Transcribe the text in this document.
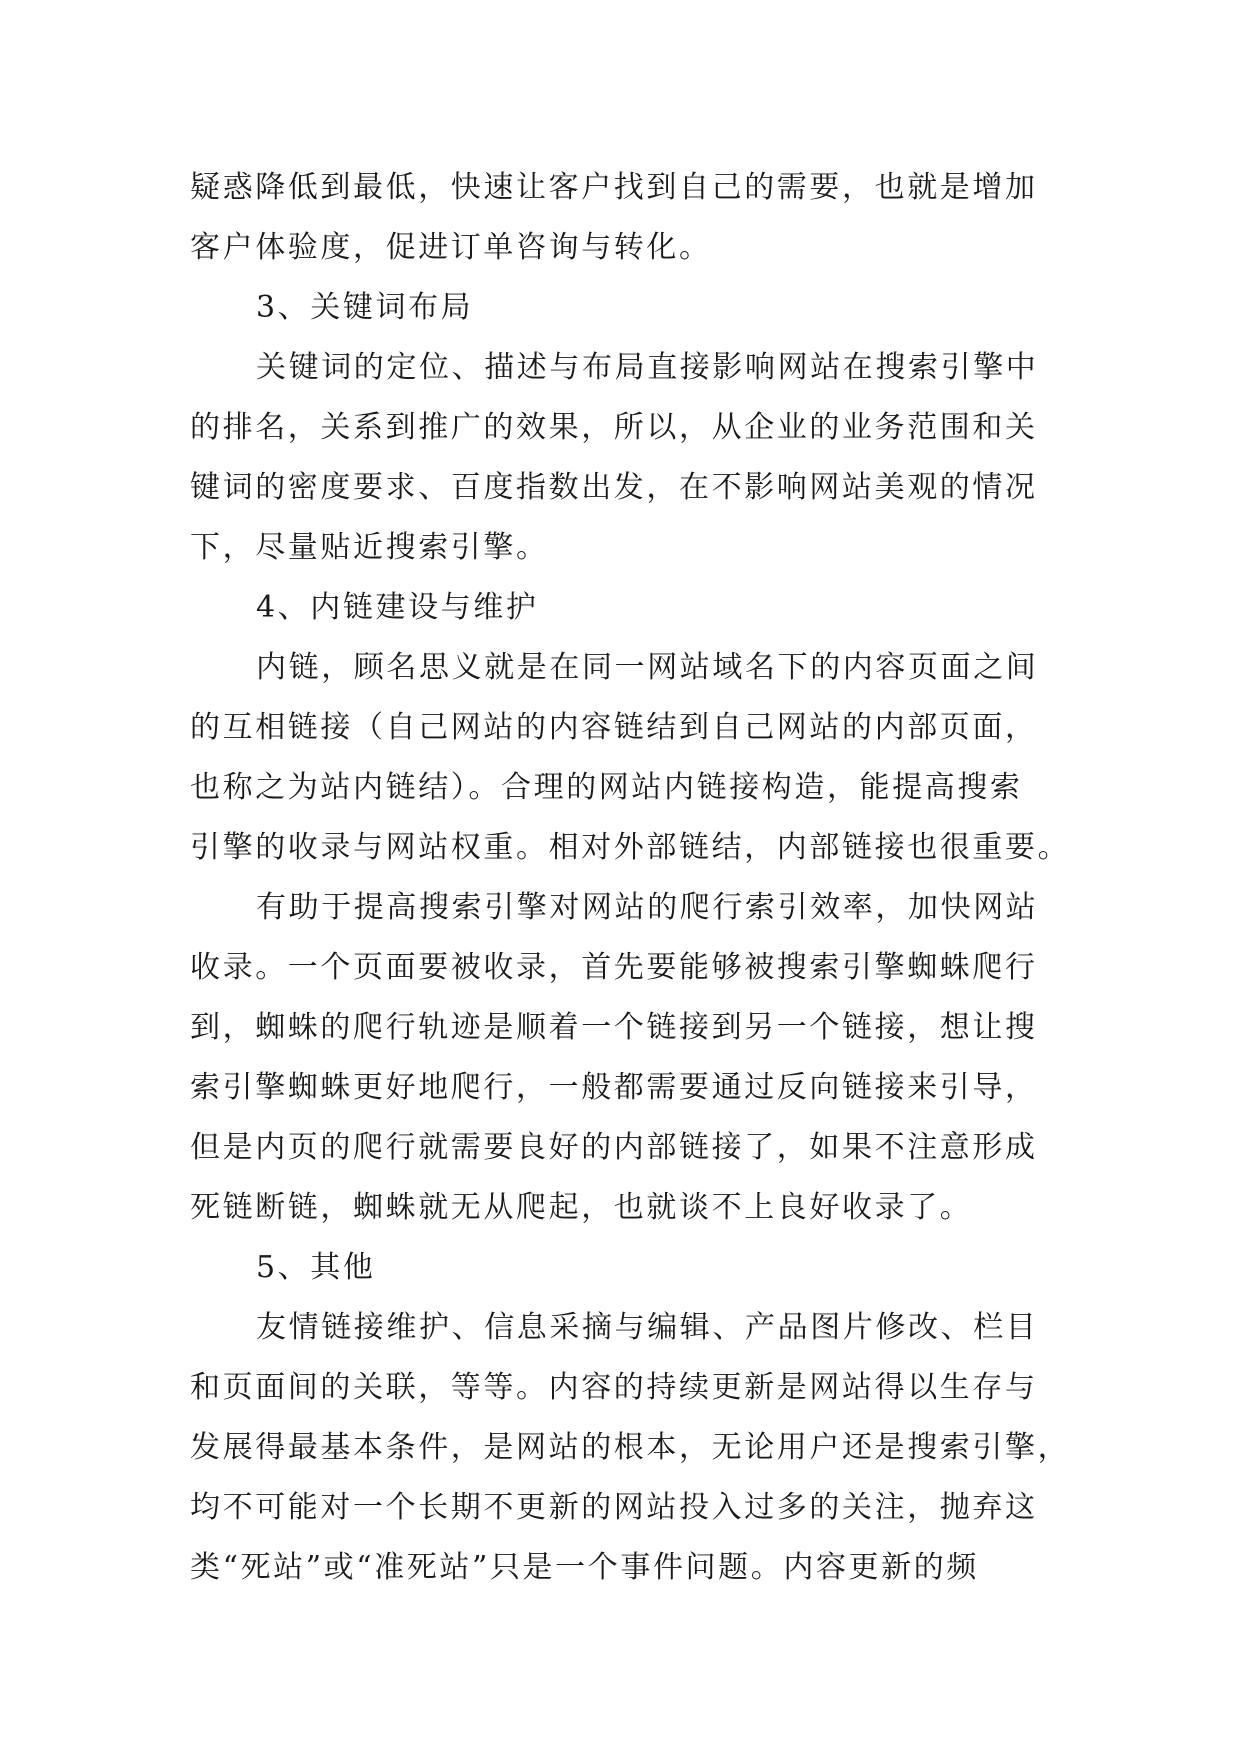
疑惑降低到最低，快速让客户找到自己的需要，也就是增加
客户体验度，促进订单咨询与转化。
3、关键词布局
关键词的定位、描述与布局直接影响网站在搜索引擎中
的排名，关系到推广的效果，所以，从企业的业务范围和关
键词的密度要求、百度指数出发，在不影响网站美观的情况
下，尽量贴近搜索引擎。
4、内链建设与维护
内链，顾名思义就是在同一网站域名下的内容页面之间
的互相链接（自己网站的内容链结到自己网站的内部页面，
也称之为站内链结）。合理的网站内链接构造，能提高搜索
引擎的收录与网站权重。相对外部链结，内部链接也很重要。
有助于提高搜索引擎对网站的爬行索引效率，加快网站
收录。一个页面要被收录，首先要能够被搜索引擎蜘蛛爬行
到，蜘蛛的爬行轨迹是顺着一个链接到另一个链接，想让搜
索引擎蜘蛛更好地爬行，一般都需要通过反向链接来引导，
但是内页的爬行就需要良好的内部链接了，如果不注意形成
死链断链，蜘蛛就无从爬起，也就谈不上良好收录了。
5、其他
友情链接维护、信息采摘与编辑、产品图片修改、栏目
和页面间的关联，等等。内容的持续更新是网站得以生存与
发展得最基本条件，是网站的根本，无论用户还是搜索引擎，
均不可能对一个长期不更新的网站投入过多的关注，抛弃这
类“死站”或“准死站”只是一个事件问题。内容更新的频
